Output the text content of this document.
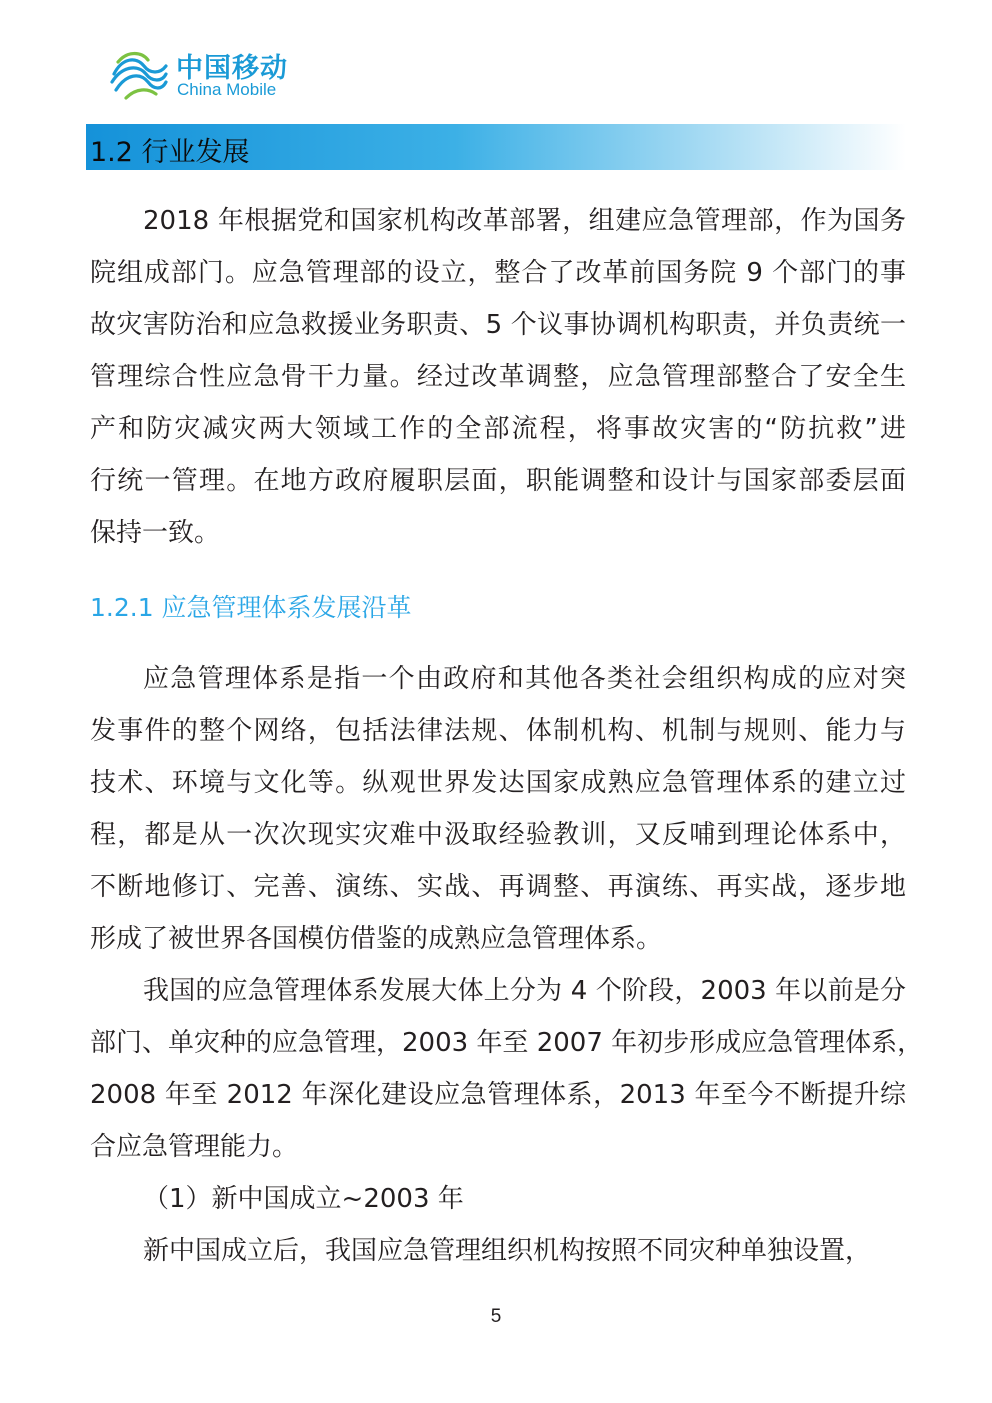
中国移动
China Mobile
1.2 行业发展
2018 年根据党和国家机构改革部署，组建应急管理部，作为国务
院组成部门。应急管理部的设立，整合了改革前国务院 9 个部门的事
故灾害防治和应急救援业务职责、5 个议事协调机构职责，并负责统一
管理综合性应急骨干力量。经过改革调整，应急管理部整合了安全生
产和防灾减灾两大领域工作的全部流程，将事故灾害的“防抗救”进
行统一管理。在地方政府履职层面，职能调整和设计与国家部委层面
保持一致。
1.2.1 应急管理体系发展沿革
应急管理体系是指一个由政府和其他各类社会组织构成的应对突
发事件的整个网络，包括法律法规、体制机构、机制与规则、能力与
技术、环境与文化等。纵观世界发达国家成熟应急管理体系的建立过
程，都是从一次次现实灾难中汲取经验教训，又反哺到理论体系中，
不断地修订、完善、演练、实战、再调整、再演练、再实战，逐步地
形成了被世界各国模仿借鉴的成熟应急管理体系。
我国的应急管理体系发展大体上分为 4 个阶段，2003 年以前是分
部门、单灾种的应急管理，2003 年至 2007 年初步形成应急管理体系，
2008 年至 2012 年深化建设应急管理体系，2013 年至今不断提升综
合应急管理能力。
（1）新中国成立~2003 年
新中国成立后，我国应急管理组织机构按照不同灾种单独设置，
5
